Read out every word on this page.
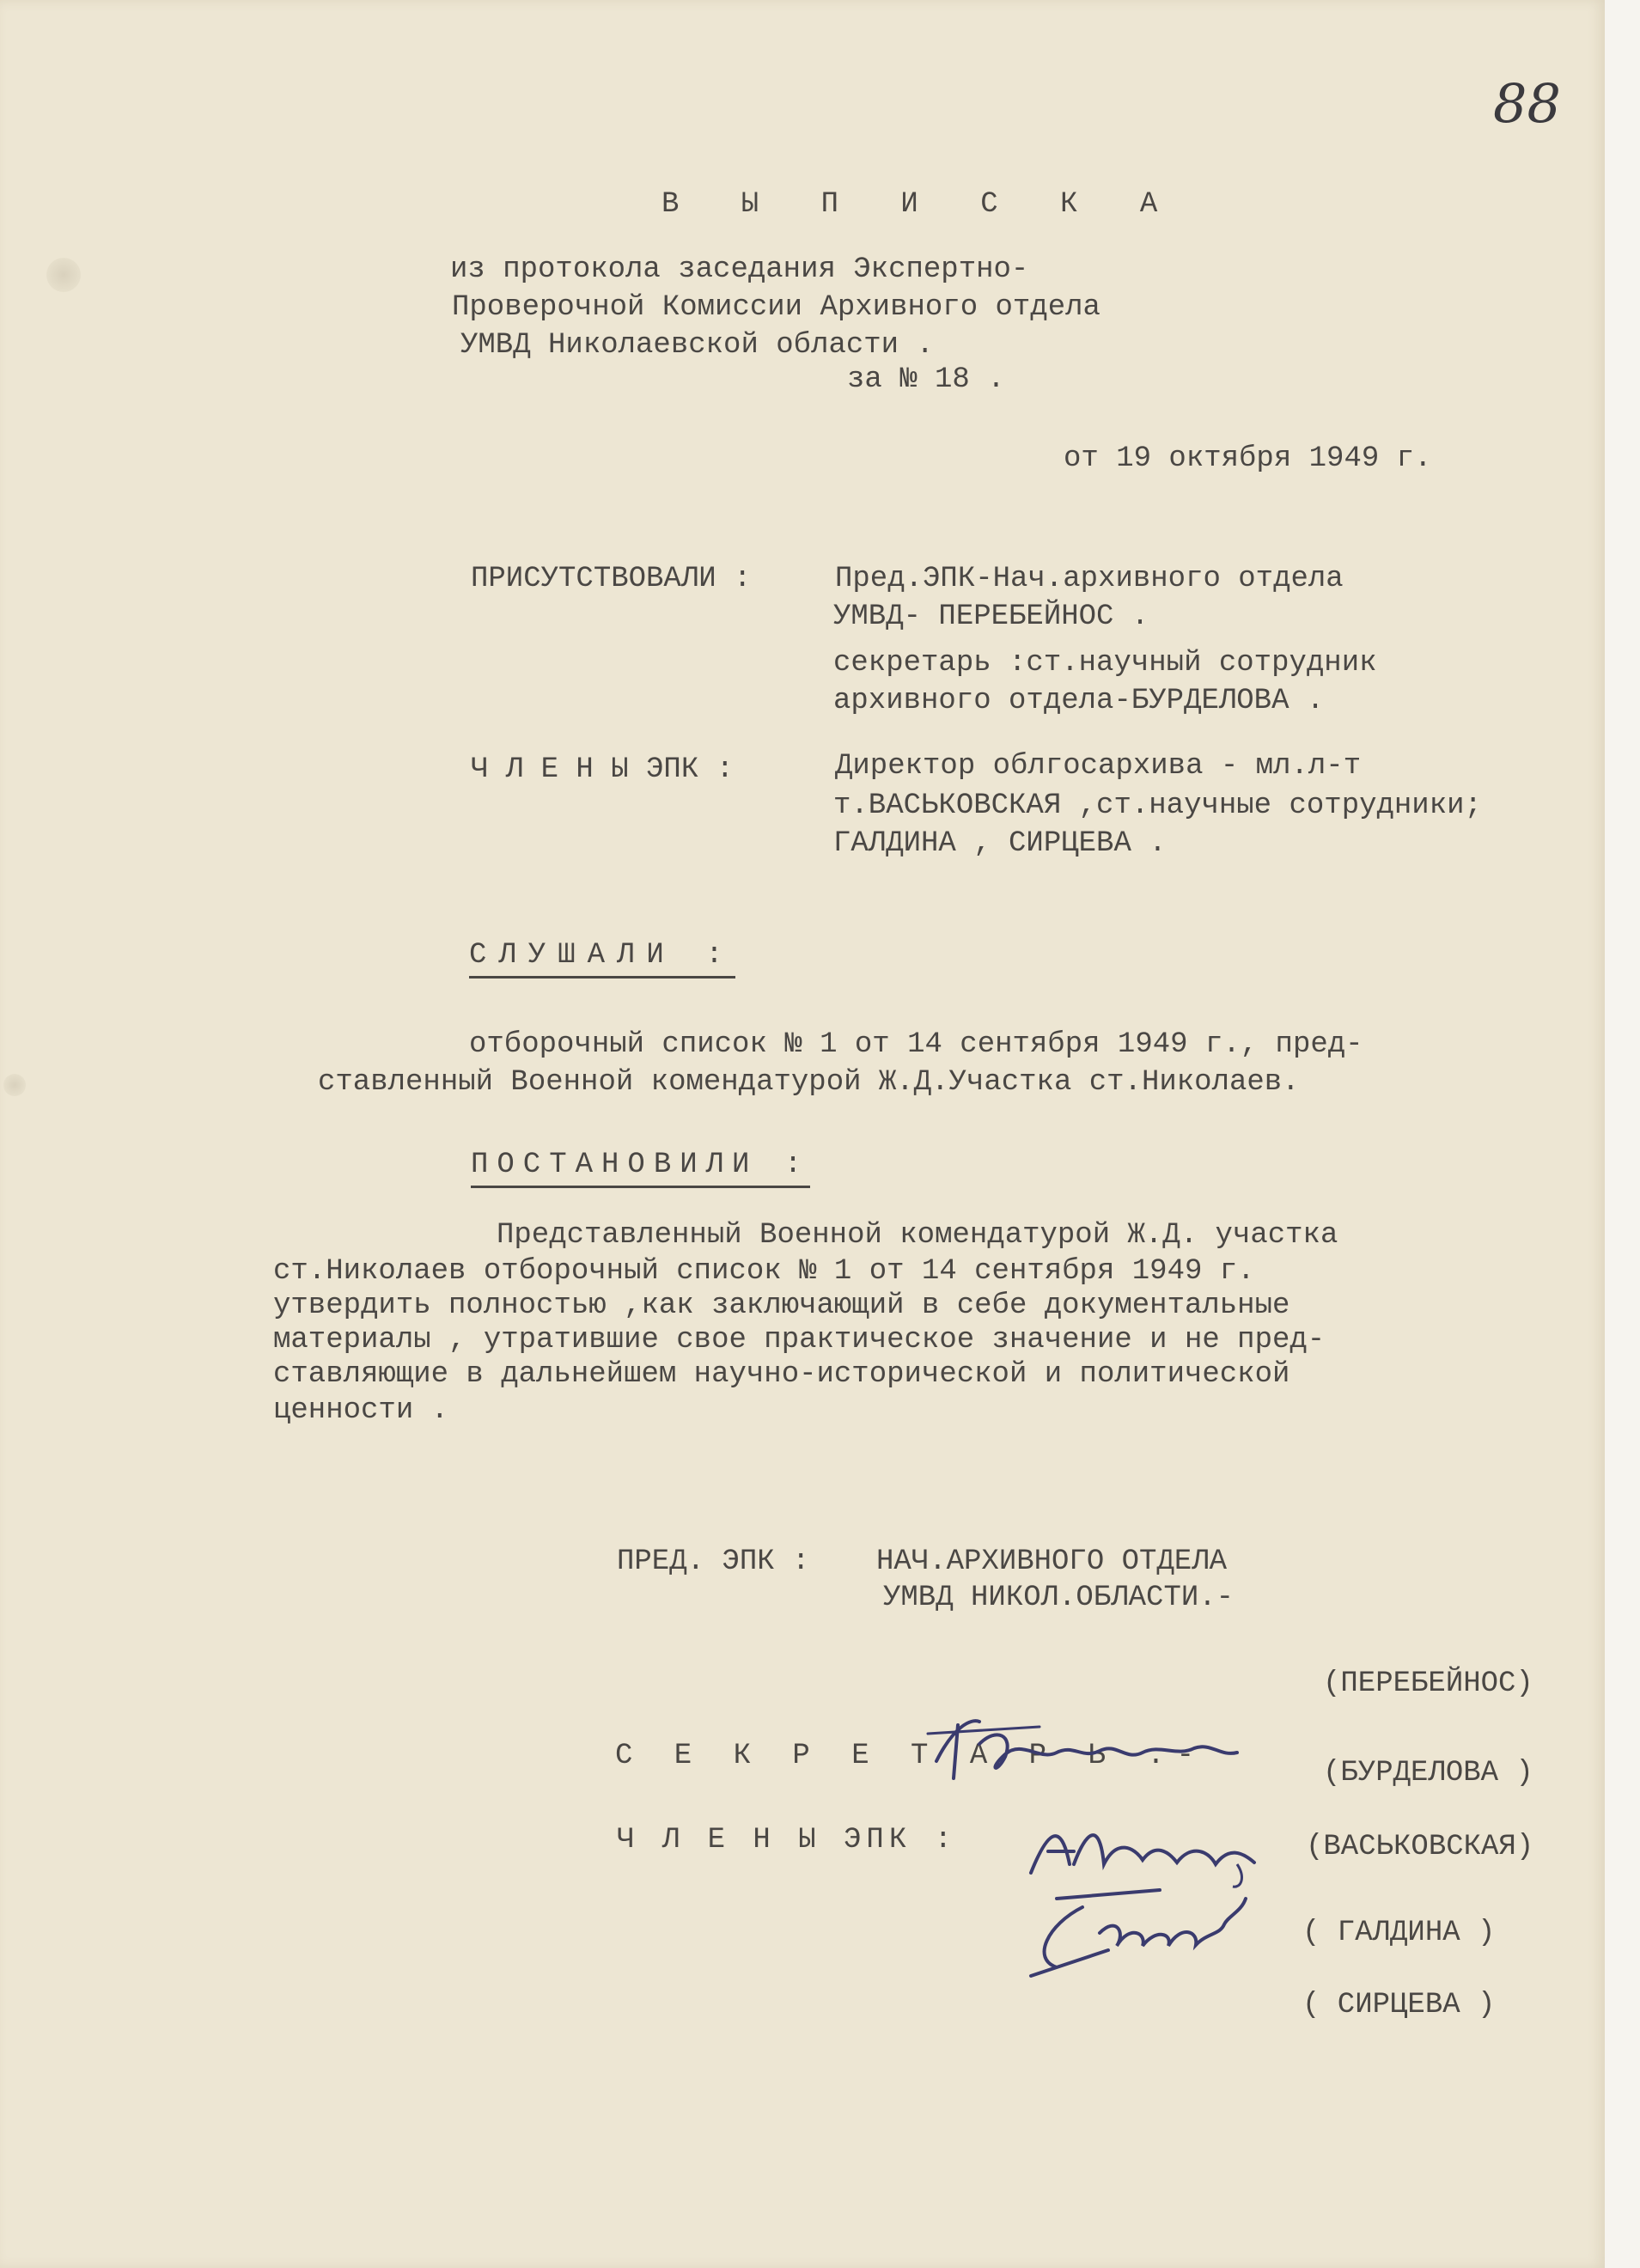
88
В Ы П И С К А
из протокола заседания Экспертно-
Проверочной Комиссии Архивного отдела
УМВД Николаевской области .
за № 18 .
от 19 октября 1949 г.
ПРИСУТСТВОВАЛИ :	Пред.ЭПК-Нач.архивного отдела
УМВД- ПЕРЕБЕЙНОС .
секретарь :ст.научный сотрудник
архивного отдела-БУРДЕЛОВА .
Ч Л Е Н Ы ЭПК :	Директор облгосархива - мл.л-т
т.ВАСЬКОВСКАЯ ,ст.научные сотрудники;
ГАЛДИНА , СИРЦЕВА .
СЛУШАЛИ :
отборочный список № 1 от 14 сентября 1949 г., пред-
ставленный Военной комендатурой Ж.Д.Участка ст.Николаев.
ПОСТАНОВИЛИ :
Представленный Военной комендатурой Ж.Д. участка
ст.Николаев отборочный список № 1 от 14 сентября 1949 г.
утвердить полностью ,как заключающий в себе документальные
материалы , утратившие свое практическое значение и не пред-
ставляющие в дальнейшем научно-исторической и политической
ценности .
ПРЕД. ЭПК : НАЧ.АРХИВНОГО ОТДЕЛА
УМВД НИКОЛ.ОБЛАСТИ.-
(ПЕРЕБЕЙНОС)
С Е К Р Е Т А Р Ь .-
(БУРДЕЛОВА )
Ч Л Е Н Ы ЭПК :	(ВАСЬКОВСКАЯ)
( ГАЛДИНА )
( СИРЦЕВА )
